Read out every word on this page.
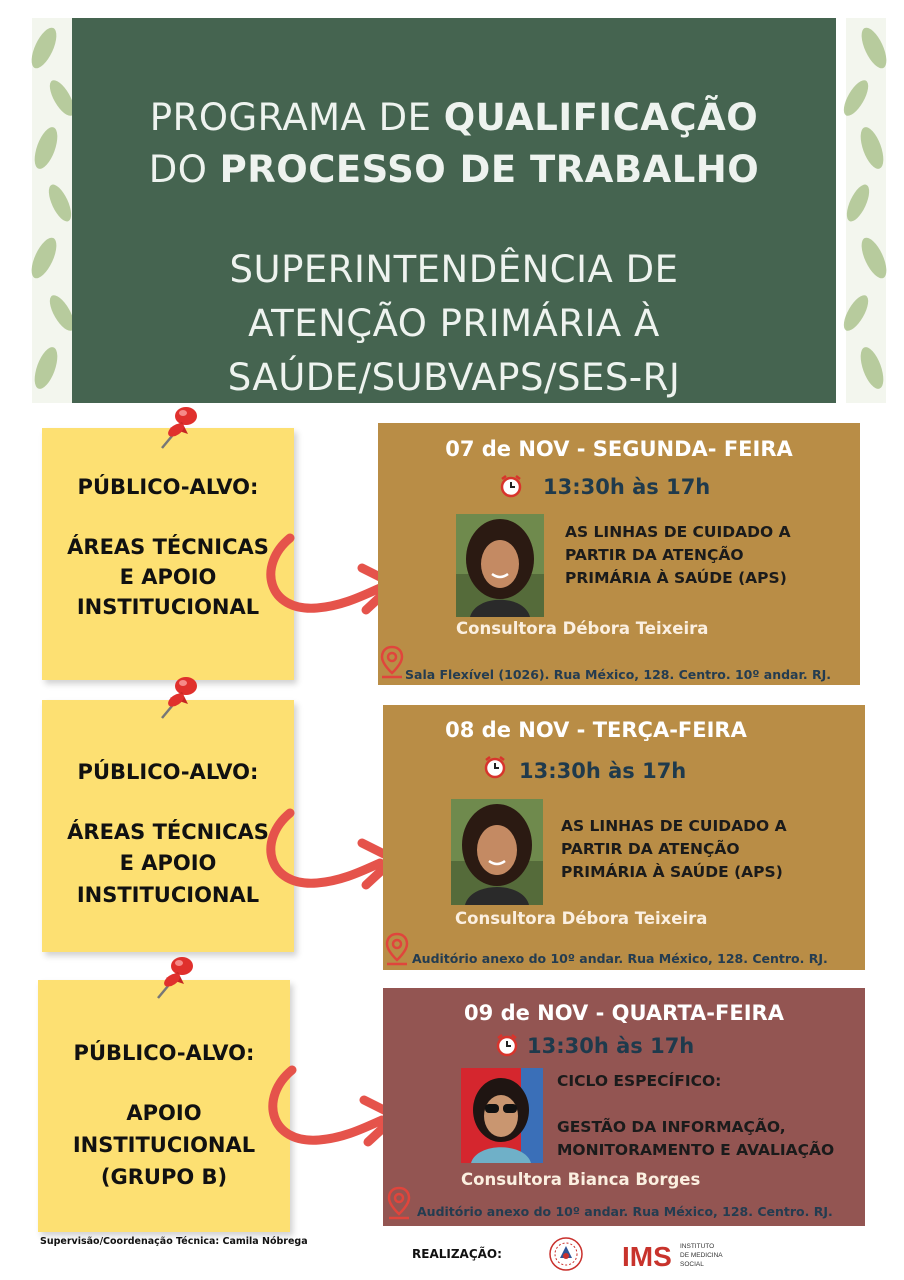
PROGRAMA DE QUALIFICAÇÃO
DO PROCESSO DE TRABALHO
SUPERINTENDÊNCIA DE
ATENÇÃO PRIMÁRIA À
SAÚDE/SUBVAPS/SES-RJ
PÚBLICO-ALVO:
ÁREAS TÉCNICAS
E APOIO
INSTITUCIONAL
07 de NOV - SEGUNDA- FEIRA
13:30h às 17h
AS LINHAS DE CUIDADO A
PARTIR DA ATENÇÃO
PRIMÁRIA À SAÚDE (APS)
Consultora Débora Teixeira
Sala Flexível (1026). Rua México, 128. Centro. 10º andar. RJ.
PÚBLICO-ALVO:
ÁREAS TÉCNICAS
E APOIO
INSTITUCIONAL
08 de NOV - TERÇA-FEIRA
13:30h às 17h
AS LINHAS DE CUIDADO A
PARTIR DA ATENÇÃO
PRIMÁRIA À SAÚDE (APS)
Consultora Débora Teixeira
Auditório anexo do 10º andar. Rua México, 128. Centro. RJ.
PÚBLICO-ALVO:
APOIO
INSTITUCIONAL
(GRUPO B)
09 de NOV - QUARTA-FEIRA
13:30h às 17h
CICLO ESPECÍFICO:
GESTÃO DA INFORMAÇÃO,
MONITORAMENTO E AVALIAÇÃO
Consultora Bianca Borges
Auditório anexo do 10º andar. Rua México, 128. Centro. RJ.
Supervisão/Coordenação Técnica: Camila Nóbrega
REALIZAÇÃO:	IMS INSTITUTO
DE MEDICINA
SOCIAL
